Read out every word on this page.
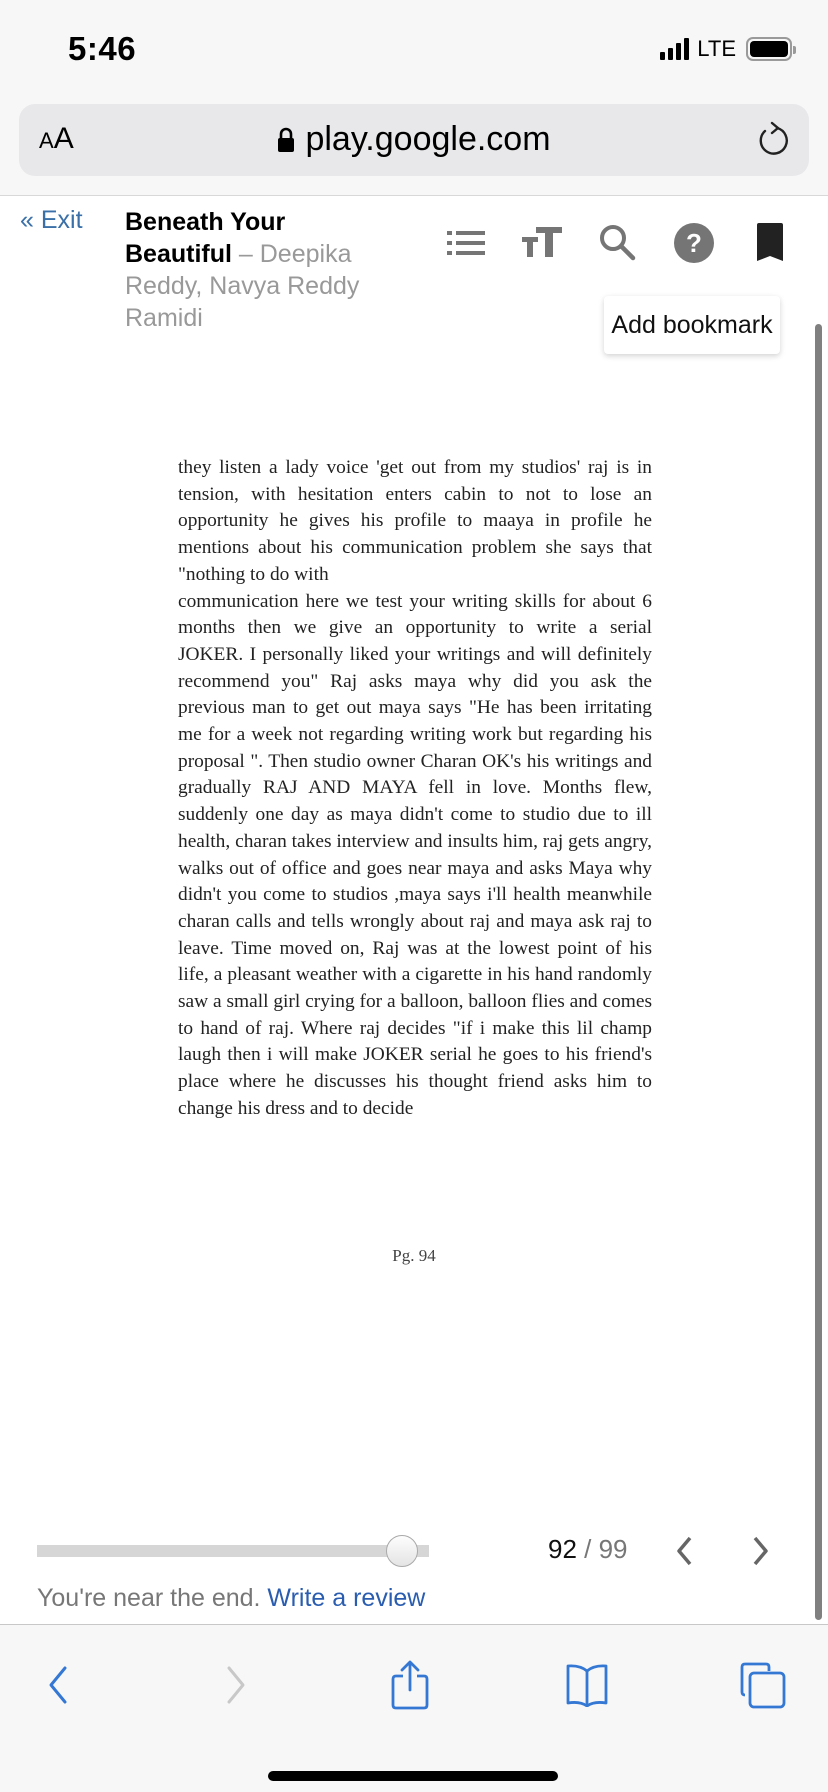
5:46	LTE
AA	play.google.com
« Exit Beneath Your Beautiful – Deepika Reddy, Navya Reddy Ramidi
?
Add bookmark
they listen a lady voice 'get out from my studios' raj is in tension, with hesitation enters cabin to not to lose an opportunity he gives his profile to maaya in profile he mentions about his communication problem she says that "nothing to do with
communication here we test your writing skills for about 6 months then we give an opportunity to write a serial JOKER. I personally liked your writings and will definitely recommend you" Raj asks maya why did you ask the previous man to get out maya says "He has been irritating me for a week not regarding writing work but regarding his proposal ". Then studio owner Charan OK's his writings and gradually RAJ AND MAYA fell in love. Months flew, suddenly one day as maya didn't come to studio due to ill health, charan takes interview and insults him, raj gets angry, walks out of office and goes near maya and asks Maya why didn't you come to studios ,maya says i'll health meanwhile charan calls and tells wrongly about raj and maya ask raj to leave. Time moved on, Raj was at the lowest point of his life, a pleasant weather with a cigarette in his hand randomly saw a small girl crying for a balloon, balloon flies and comes to hand of raj. Where raj decides "if i make this lil champ laugh then i will make JOKER serial he goes to his friend's place where he discusses his thought friend asks him to change his dress and to decide
Pg. 94
92 / 99
You're near the end. Write a review
